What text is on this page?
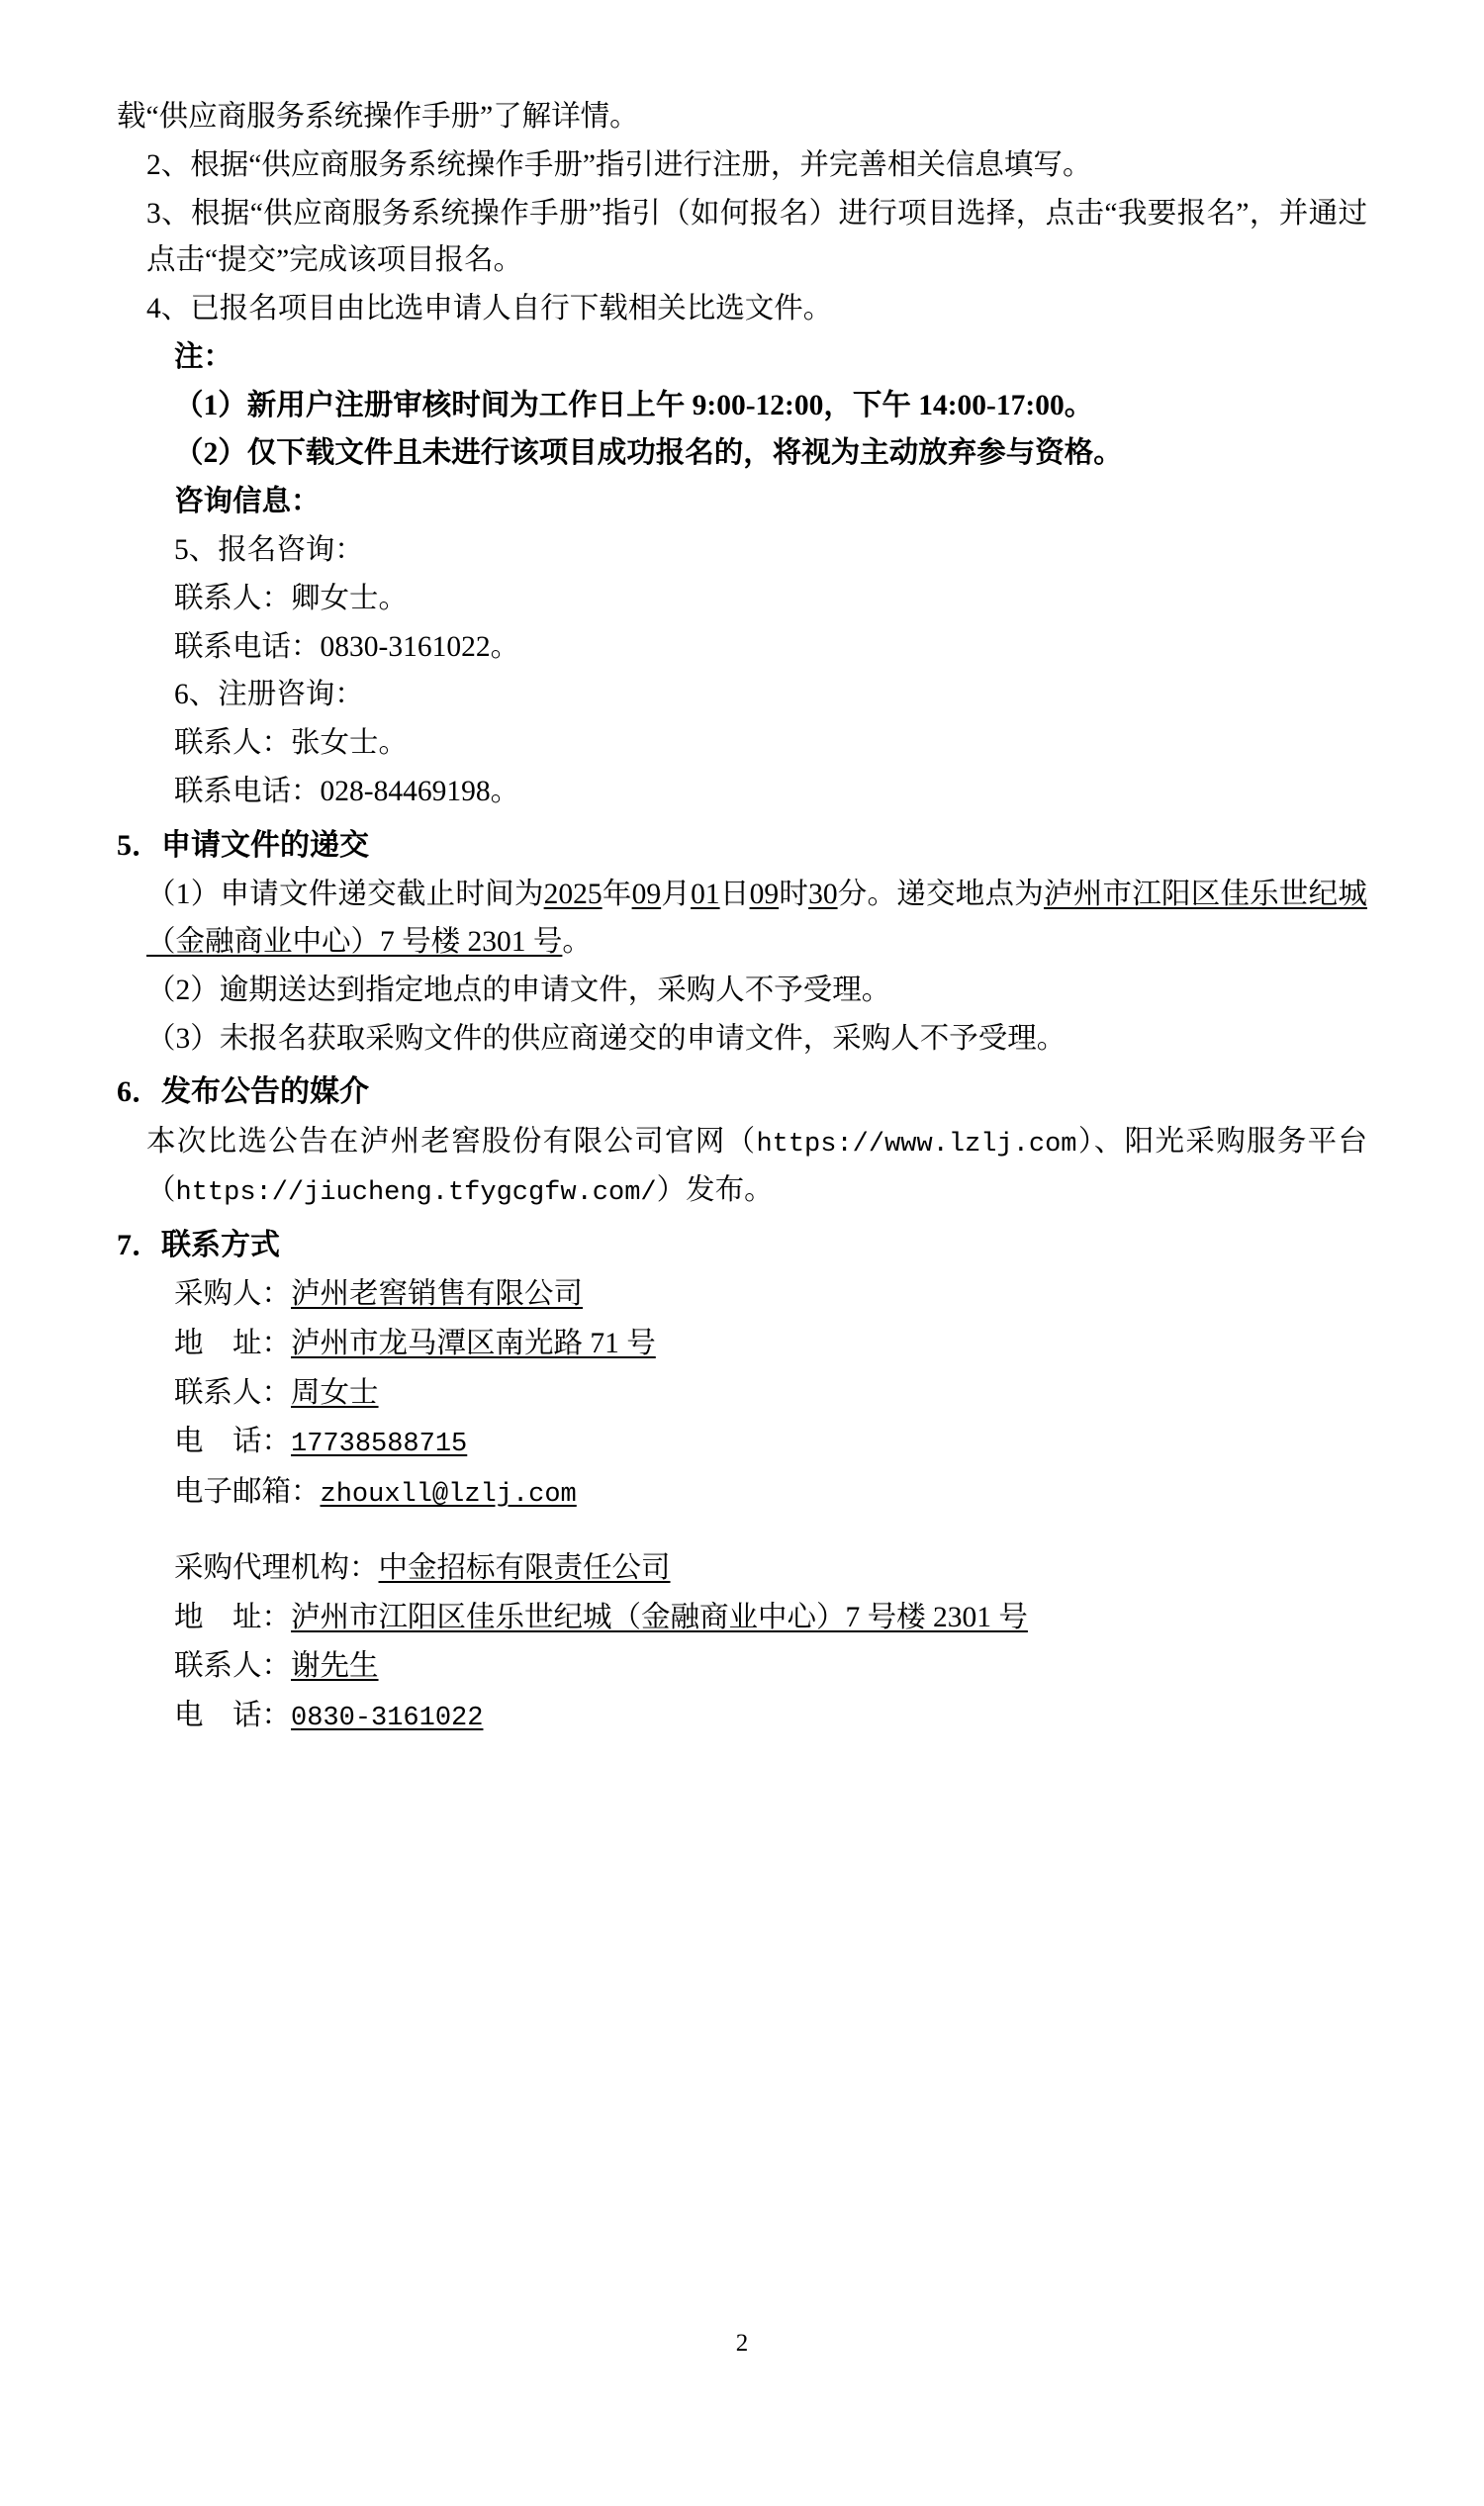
载“供应商服务系统操作手册”了解详情。

2、根据“供应商服务系统操作手册”指引进行注册，并完善相关信息填写。

3、根据“供应商服务系统操作手册”指引（如何报名）进行项目选择，点击“我要报名”，并通过点击“提交”完成该项目报名。

4、已报名项目由比选申请人自行下载相关比选文件。

注：

（1）新用户注册审核时间为工作日上午 9:00-12:00，下午 14:00-17:00。

（2）仅下载文件且未进行该项目成功报名的，将视为主动放弃参与资格。

咨询信息：

5、报名咨询：

联系人：卿女士。

联系电话：0830-3161022。

6、注册咨询：

联系人：张女士。

联系电话：028-84469198。

5．申请文件的递交

（1）申请文件递交截止时间为2025年09月01日09时30分。递交地点为泸州市江阳区佳乐世纪城（金融商业中心）7 号楼 2301 号。

（2）逾期送达到指定地点的申请文件，采购人不予受理。

（3）未报名获取采购文件的供应商递交的申请文件，采购人不予受理。

6．发布公告的媒介

本次比选公告在泸州老窖股份有限公司官网（https://www.lzlj.com）、阳光采购服务平台（https://jiucheng.tfygcgfw.com/）发布。

7．联系方式

采购人：泸州老窖销售有限公司
地　址：泸州市龙马潭区南光路 71 号
联系人：周女士
电　话：17738588715
电子邮箱：zhouxll@lzlj.com
采购代理机构：中金招标有限责任公司
地　址：泸州市江阳区佳乐世纪城（金融商业中心）7 号楼 2301 号
联系人：谢先生
电　话：0830-3161022
2
